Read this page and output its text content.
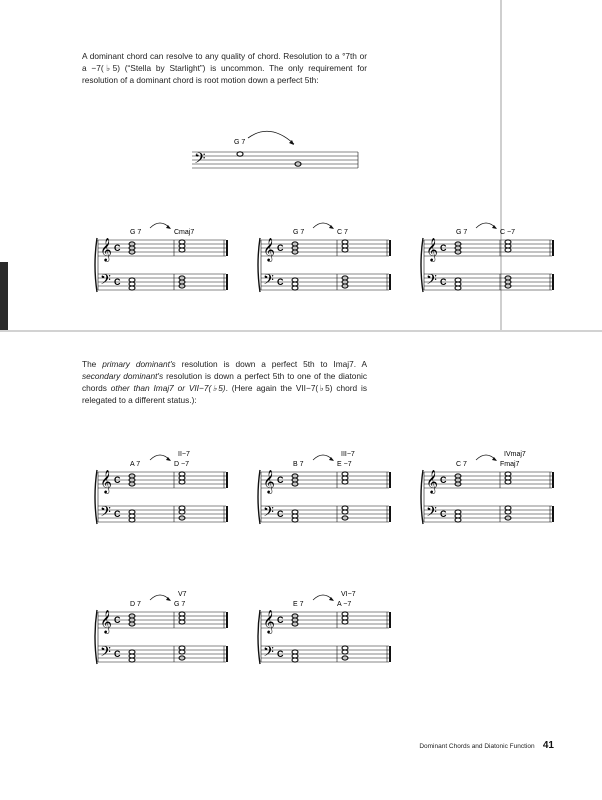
A dominant chord can resolve to any quality of chord. Resolution to a °7th or a −7(♭5) (“Stella by Starlight”) is uncommon. The only requirement for resolution of a dominant chord is root motion down a perfect 5th:
The primary dominant's resolution is down a perfect 5th to Imaj7. A secondary dominant's resolution is down a perfect 5th to one of the diatonic chords other than Imaj7 or VII−7(♭5). (Here again the VII−7(♭5) chord is relegated to a different status.):
G 7
𝄢
G 7	Cmaj7
𝄞
𝄢
C
C
G 7	C 7
𝄞
𝄢
C
C
G 7	C −7
𝄞
𝄢
C
C
II−7
A 7	D −7
𝄞
𝄢
C
C
III−7
B 7	E −7
𝄞
𝄢
C
C
IVmaj7
C 7	Fmaj7
𝄞
𝄢
C
C
V7
D 7	G 7
𝄞
𝄢
C
C
VI−7
E 7	A −7
𝄞
𝄢
C
C
Dominant Chords and Diatonic Function 41
